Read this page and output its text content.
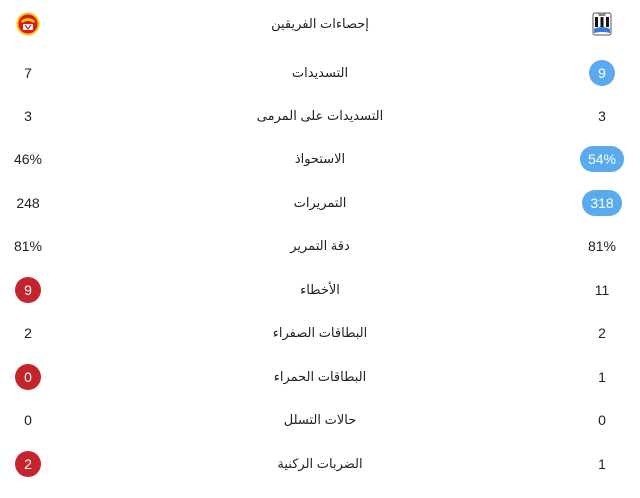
إحصاءات الفريقين
7	التسديدات	9
3	التسديدات على المرمى	3
46%	الاستحواذ	54%
248	التمريرات	318
81%	دقة التمرير	81%
9	الأخطاء	11
2	البطاقات الصفراء	2
0	البطاقات الحمراء	1
0	حالات التسلل	0
2	الضربات الركنية	1
